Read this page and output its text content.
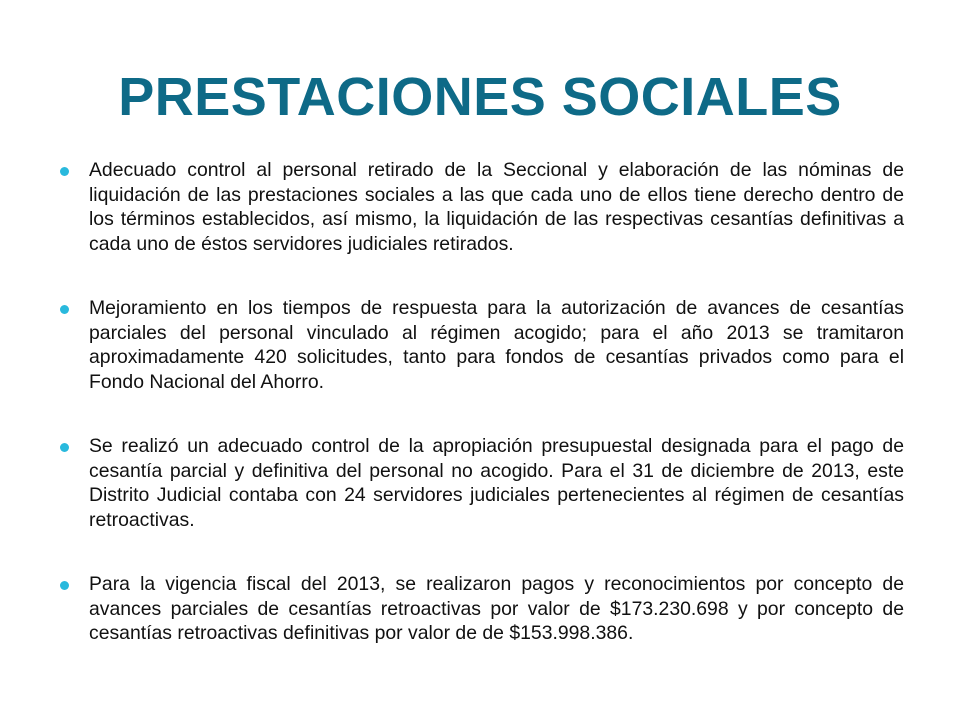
PRESTACIONES SOCIALES
Adecuado control al personal retirado de la Seccional y elaboración de las nóminas de liquidación de las prestaciones sociales a las que cada uno de ellos tiene derecho dentro de los términos establecidos, así mismo, la liquidación de las respectivas cesantías definitivas a cada uno de éstos servidores judiciales retirados.
Mejoramiento en los tiempos de respuesta para la autorización de avances de cesantías parciales del personal vinculado al régimen acogido; para el año 2013 se tramitaron aproximadamente 420 solicitudes, tanto para fondos de cesantías privados como para el Fondo Nacional del Ahorro.
Se realizó un adecuado control de la apropiación presupuestal designada para el pago de cesantía parcial y definitiva del personal no acogido. Para el 31 de diciembre de 2013, este Distrito Judicial contaba con 24 servidores judiciales pertenecientes al régimen de cesantías retroactivas.
Para la vigencia fiscal del 2013, se realizaron pagos y reconocimientos por concepto de avances parciales de cesantías retroactivas por valor de $173.230.698 y por concepto de cesantías retroactivas definitivas por valor de de $153.998.386.
